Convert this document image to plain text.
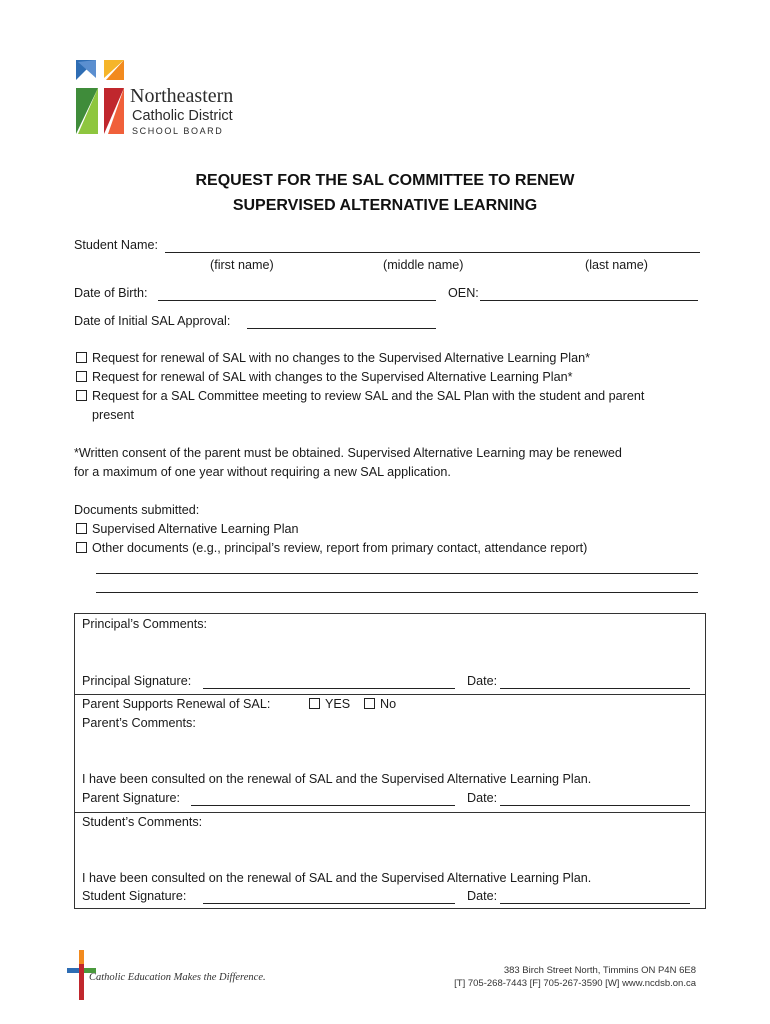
Northeastern
Catholic District
SCHOOL BOARD
REQUEST FOR THE SAL COMMITTEE TO RENEW
SUPERVISED ALTERNATIVE LEARNING
Student Name:
(first name)	(middle name)	(last name)
Date of Birth:	OEN:
Date of Initial SAL Approval:
Request for renewal of SAL with no changes to the Supervised Alternative Learning Plan*
Request for renewal of SAL with changes to the Supervised Alternative Learning Plan*
Request for a SAL Committee meeting to review SAL and the SAL Plan with the student and parent
present
*Written consent of the parent must be obtained. Supervised Alternative Learning may be renewed
for a maximum of one year without requiring a new SAL application.
Documents submitted:
Supervised Alternative Learning Plan
Other documents (e.g., principal’s review, report from primary contact, attendance report)
Principal’s Comments:
Principal Signature:	Date:
Parent Supports Renewal of SAL:	YES	No
Parent’s Comments:
I have been consulted on the renewal of SAL and the Supervised Alternative Learning Plan.
Parent Signature:	Date:
Student’s Comments:
I have been consulted on the renewal of SAL and the Supervised Alternative Learning Plan.
Student Signature:	Date:
Catholic Education Makes the Difference.
383 Birch Street North, Timmins ON P4N 6E8
[T] 705-268-7443 [F] 705-267-3590 [W] www.ncdsb.on.ca
